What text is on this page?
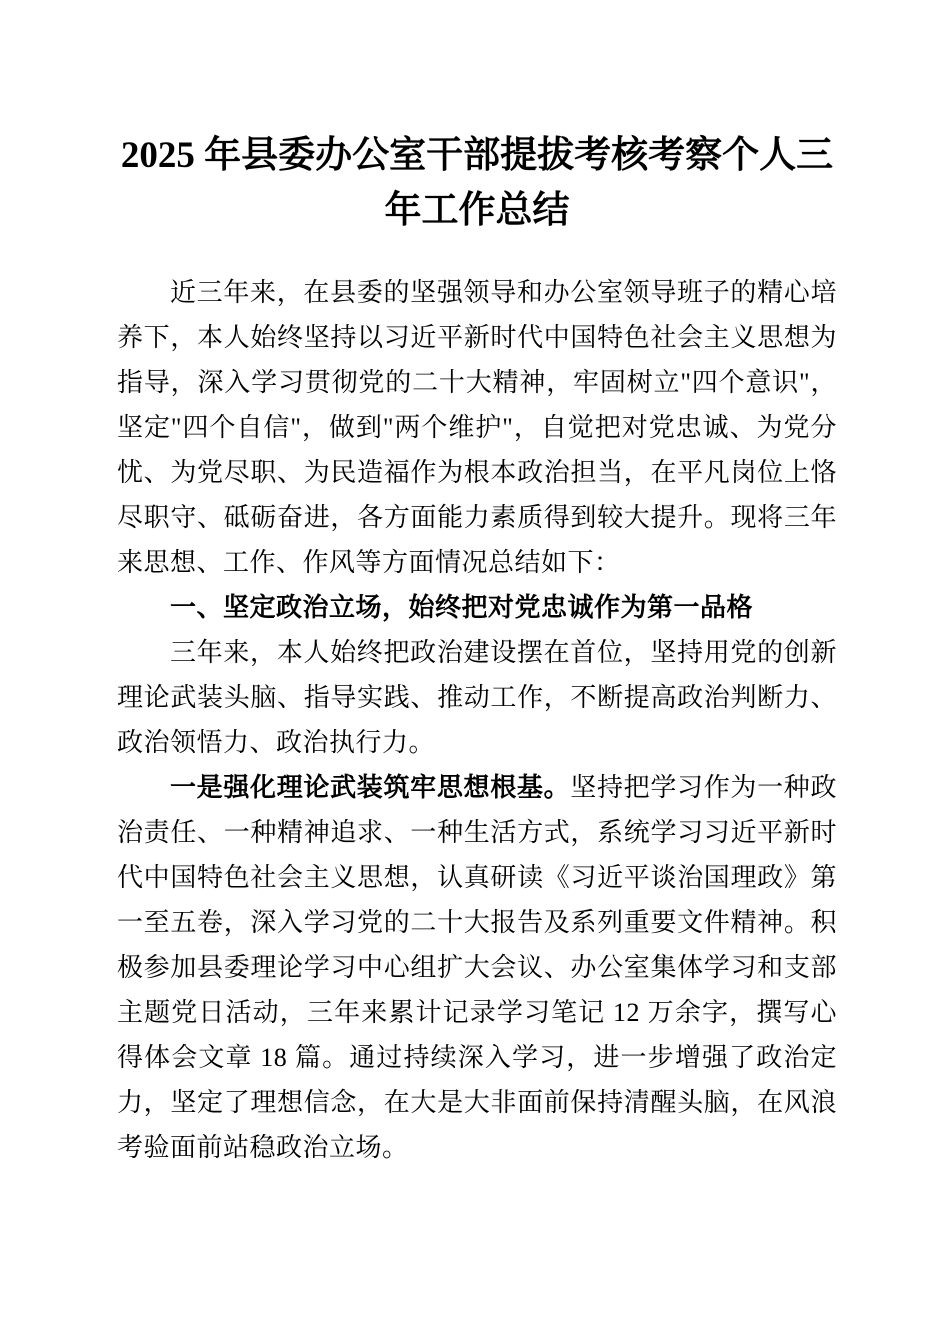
2025 年县委办公室干部提拔考核考察个人三年工作总结

近三年来，在县委的坚强领导和办公室领导班子的精心培养下，本人始终坚持以习近平新时代中国特色社会主义思想为指导，深入学习贯彻党的二十大精神，牢固树立"四个意识"，坚定"四个自信"，做到"两个维护"，自觉把对党忠诚、为党分忧、为党尽职、为民造福作为根本政治担当，在平凡岗位上恪尽职守、砥砺奋进，各方面能力素质得到较大提升。现将三年来思想、工作、作风等方面情况总结如下：

一、坚定政治立场，始终把对党忠诚作为第一品格

三年来，本人始终把政治建设摆在首位，坚持用党的创新理论武装头脑、指导实践、推动工作，不断提高政治判断力、政治领悟力、政治执行力。

一是强化理论武装筑牢思想根基。坚持把学习作为一种政治责任、一种精神追求、一种生活方式，系统学习习近平新时代中国特色社会主义思想，认真研读《习近平谈治国理政》第一至五卷，深入学习党的二十大报告及系列重要文件精神。积极参加县委理论学习中心组扩大会议、办公室集体学习和支部主题党日活动，三年来累计记录学习笔记 12 万余字，撰写心得体会文章 18 篇。通过持续深入学习，进一步增强了政治定力，坚定了理想信念，在大是大非面前保持清醒头脑，在风浪考验面前站稳政治立场。
